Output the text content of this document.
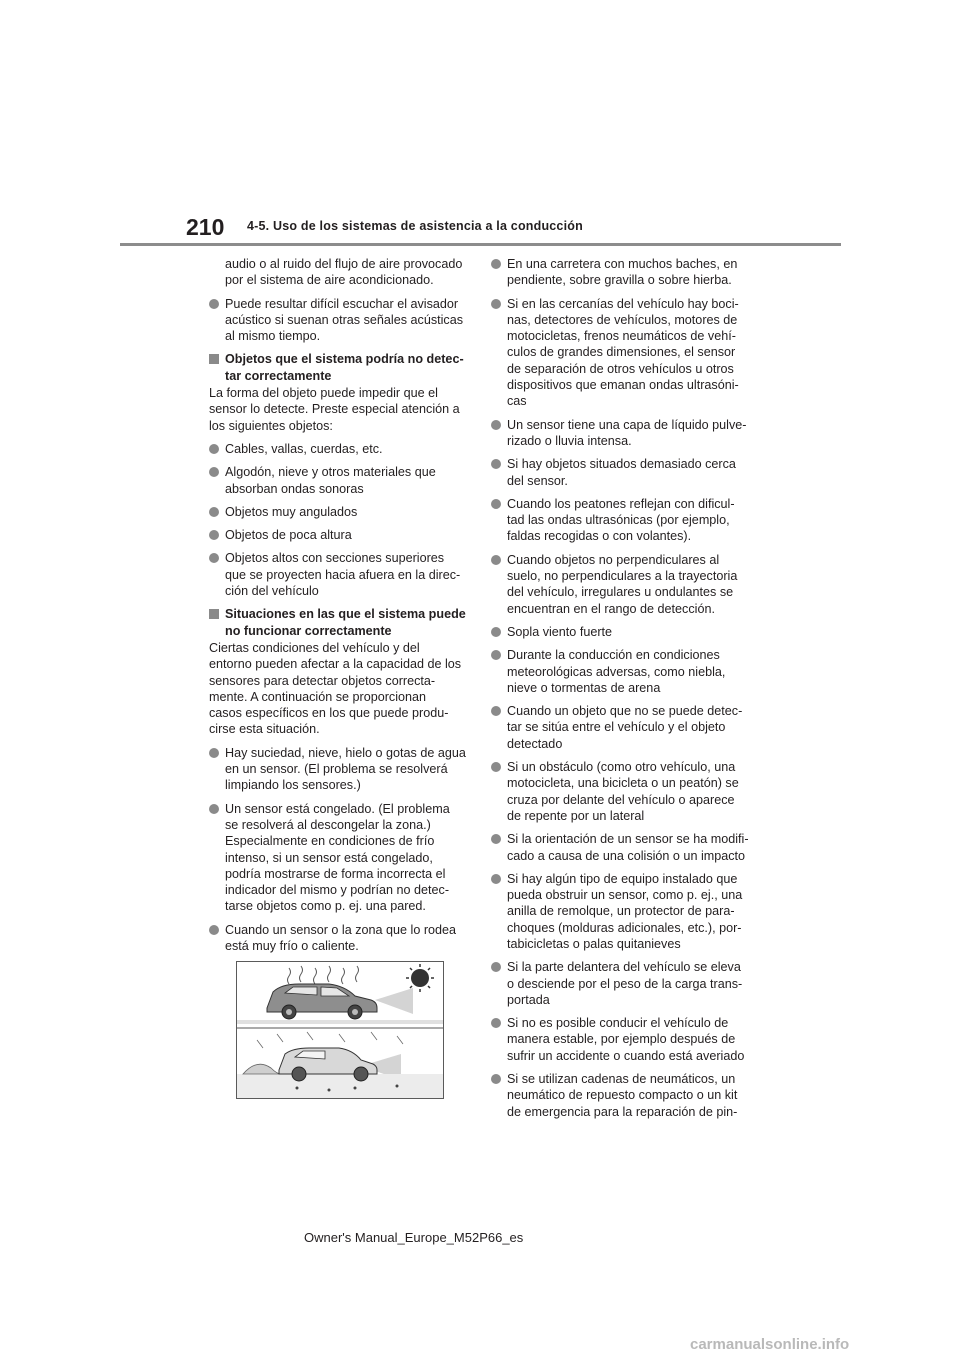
210 4-5. Uso de los sistemas de asistencia a la conducción

audio o al ruido del flujo de aire provocado
por el sistema de aire acondicionado.

Puede resultar difícil escuchar el avisador
acústico si suenan otras señales acústicas
al mismo tiempo.
Objetos que el sistema podría no detec-
tar correctamente

La forma del objeto puede impedir que el
sensor lo detecte. Preste especial atención a
los siguientes objetos:

Cables, vallas, cuerdas, etc.
Algodón, nieve y otros materiales que
absorban ondas sonoras
Objetos muy angulados
Objetos de poca altura
Objetos altos con secciones superiores
que se proyecten hacia afuera en la direc-
ción del vehículo
Situaciones en las que el sistema puede
no funcionar correctamente

Ciertas condiciones del vehículo y del
entorno pueden afectar a la capacidad de los
sensores para detectar objetos correcta-
mente. A continuación se proporcionan
casos específicos en los que puede produ-
cirse esta situación.

Hay suciedad, nieve, hielo o gotas de agua
en un sensor. (El problema se resolverá
limpiando los sensores.)
Un sensor está congelado. (El problema
se resolverá al descongelar la zona.)
Especialmente en condiciones de frío
intenso, si un sensor está congelado,
podría mostrarse de forma incorrecta el
indicador del mismo y podrían no detec-
tarse objetos como p. ej. una pared.
Cuando un sensor o la zona que lo rodea
está muy frío o caliente.
En una carretera con muchos baches, en
pendiente, sobre gravilla o sobre hierba.
Si en las cercanías del vehículo hay boci-
nas, detectores de vehículos, motores de
motocicletas, frenos neumáticos de vehí-
culos de grandes dimensiones, el sensor
de separación de otros vehículos u otros
dispositivos que emanan ondas ultrasóni-
cas
Un sensor tiene una capa de líquido pulve-
rizado o lluvia intensa.
Si hay objetos situados demasiado cerca
del sensor.
Cuando los peatones reflejan con dificul-
tad las ondas ultrasónicas (por ejemplo,
faldas recogidas o con volantes).
Cuando objetos no perpendiculares al
suelo, no perpendiculares a la trayectoria
del vehículo, irregulares u ondulantes se
encuentran en el rango de detección.
Sopla viento fuerte
Durante la conducción en condiciones
meteorológicas adversas, como niebla,
nieve o tormentas de arena
Cuando un objeto que no se puede detec-
tar se sitúa entre el vehículo y el objeto
detectado
Si un obstáculo (como otro vehículo, una
motocicleta, una bicicleta o un peatón) se
cruza por delante del vehículo o aparece
de repente por un lateral
Si la orientación de un sensor se ha modifi-
cado a causa de una colisión o un impacto
Si hay algún tipo de equipo instalado que
pueda obstruir un sensor, como p. ej., una
anilla de remolque, un protector de para-
choques (molduras adicionales, etc.), por-
tabicicletas o palas quitanieves
Si la parte delantera del vehículo se eleva
o desciende por el peso de la carga trans-
portada
Si no es posible conducir el vehículo de
manera estable, por ejemplo después de
sufrir un accidente o cuando está averiado
Si se utilizan cadenas de neumáticos, un
neumático de repuesto compacto o un kit
de emergencia para la reparación de pin-
Owner's Manual_Europe_M52P66_es
carmanualsonline.info
